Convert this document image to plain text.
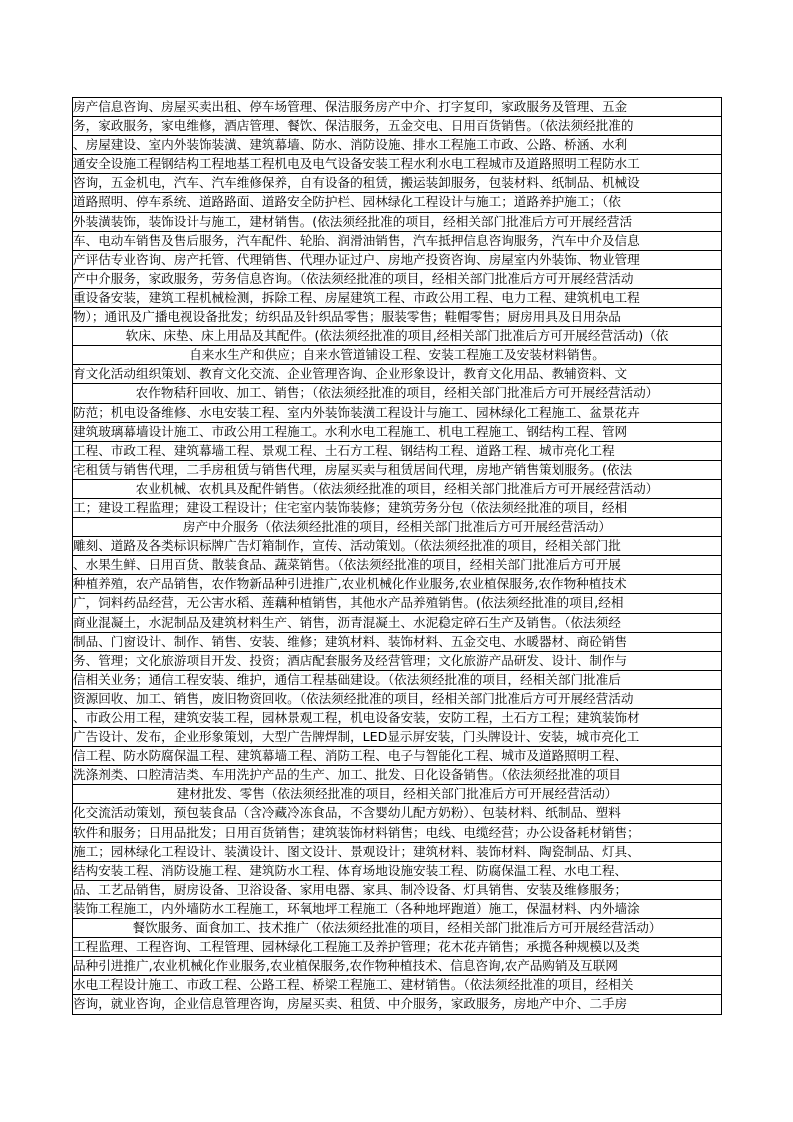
房产信息咨询、房屋买卖出租、停车场管理、保洁服务房产中介、打字复印，家政服务及管理、五金
务，家政服务，家电维修，酒店管理、餐饮、保洁服务，五金交电、日用百货销售。（依法须经批准的
、房屋建设、室内外装饰装潢、建筑幕墙、防水、消防设施、排水工程施工市政、公路、桥涵、水利
通安全设施工程钢结构工程地基工程机电及电气设备安装工程水利水电工程城市及道路照明工程防水工
咨询，五金机电，汽车、汽车维修保养，自有设备的租赁，搬运装卸服务，包装材料、纸制品、机械设
道路照明、停车系统、道路路面、道路安全防护栏、园林绿化工程设计与施工；道路养护施工；（依
外装潢装饰，装饰设计与施工，建材销售。(依法须经批准的项目，经相关部门批准后方可开展经营活
车、电动车销售及售后服务，汽车配件、轮胎、润滑油销售，汽车抵押信息咨询服务，汽车中介及信息
产评估专业咨询、房产托管、代理销售、代理办证过户、房地产投资咨询、房屋室内外装饰、物业管理
产中介服务，家政服务，劳务信息咨询。（依法须经批准的项目，经相关部门批准后方可开展经营活动
重设备安装，建筑工程机械检测，拆除工程、房屋建筑工程、市政公用工程、电力工程、建筑机电工程
物）；通讯及广播电视设备批发；纺织品及针织品零售；服装零售；鞋帽零售；厨房用具及日用杂品
软床、床垫、床上用品及其配件。(依法须经批准的项目,经相关部门批准后方可开展经营活动)（依
自来水生产和供应；自来水管道铺设工程、安装工程施工及安装材料销售。
育文化活动组织策划、教育文化交流、企业管理咨询、企业形象设计，教育文化用品、教辅资料、文
农作物秸秆回收、加工、销售；（依法须经批准的项目，经相关部门批准后方可开展经营活动）
防范；机电设备维修、水电安装工程、室内外装饰装潢工程设计与施工、园林绿化工程施工、盆景花卉
建筑玻璃幕墙设计施工、市政公用工程施工。水利水电工程施工、机电工程施工、钢结构工程、管网
工程、市政工程、建筑幕墙工程、景观工程、土石方工程、钢结构工程、道路工程、城市亮化工程
宅租赁与销售代理，二手房租赁与销售代理，房屋买卖与租赁居间代理，房地产销售策划服务。(依法
农业机械、农机具及配件销售。（依法须经批准的项目，经相关部门批准后方可开展经营活动）
工；建设工程监理；建设工程设计；住宅室内装饰装修；建筑劳务分包（依法须经批准的项目，经相
房产中介服务（依法须经批准的项目，经相关部门批准后方可开展经营活动）
雕刻、道路及各类标识标牌广告灯箱制作，宣传、活动策划。（依法须经批准的项目，经相关部门批
、水果生鲜、日用百货、散装食品、蔬菜销售。（依法须经批准的项目，经相关部门批准后方可开展
种植养殖，农产品销售，农作物新品种引进推广,农业机械化作业服务,农业植保服务,农作物种植技术
广，饲料药品经营，无公害水稻、莲藕种植销售，其他水产品养殖销售。(依法须经批准的项目,经相
商业混凝土，水泥制品及建筑材料生产、销售，沥青混凝土、水泥稳定碎石生产及销售。（依法须经
制品、门窗设计、制作、销售、安装、维修；建筑材料、装饰材料、五金交电、水暖器材、商砼销售
务、管理；文化旅游项目开发、投资；酒店配套服务及经营管理；文化旅游产品研发、设计、制作与
信相关业务；通信工程安装、维护，通信工程基础建设。（依法须经批准的项目，经相关部门批准后
资源回收、加工、销售，废旧物资回收。（依法须经批准的项目，经相关部门批准后方可开展经营活动
、市政公用工程，建筑安装工程，园林景观工程，机电设备安装，安防工程，土石方工程；建筑装饰材
广告设计、发布，企业形象策划，大型广告牌焊制，LED显示屏安装，门头牌设计、安装，城市亮化工
信工程、防水防腐保温工程、建筑幕墙工程、消防工程、电子与智能化工程、城市及道路照明工程、
洗涤剂类、口腔清洁类、车用洗护产品的生产、加工、批发、日化设备销售。（依法须经批准的项目
建材批发、零售（依法须经批准的项目，经相关部门批准后方可开展经营活动）
化交流活动策划，预包装食品（含冷藏冷冻食品，不含婴幼儿配方奶粉）、包装材料、纸制品、塑料
软件和服务；日用品批发；日用百货销售；建筑装饰材料销售；电线、电缆经营；办公设备耗材销售；
施工；园林绿化工程设计、装潢设计、图文设计、景观设计；建筑材料、装饰材料、陶瓷制品、灯具、
结构安装工程、消防设施工程、建筑防水工程、体育场地设施安装工程、防腐保温工程、水电工程、
品、工艺品销售，厨房设备、卫浴设备、家用电器、家具、制冷设备、灯具销售、安装及维修服务；
装饰工程施工，内外墙防水工程施工，环氧地坪工程施工（各种地坪跑道）施工，保温材料、内外墙涂
餐饮服务、面食加工、技术推广（依法须经批准的项目，经相关部门批准后方可开展经营活动）
工程监理、工程咨询、工程管理、园林绿化工程施工及养护管理；花木花卉销售；承揽各种规模以及类
品种引进推广,农业机械化作业服务,农业植保服务,农作物种植技术、信息咨询,农产品购销及互联网
水电工程设计施工、市政工程、公路工程、桥梁工程施工、建材销售。（依法须经批准的项目，经相关
咨询，就业咨询，企业信息管理咨询，房屋买卖、租赁、中介服务，家政服务，房地产中介、二手房
